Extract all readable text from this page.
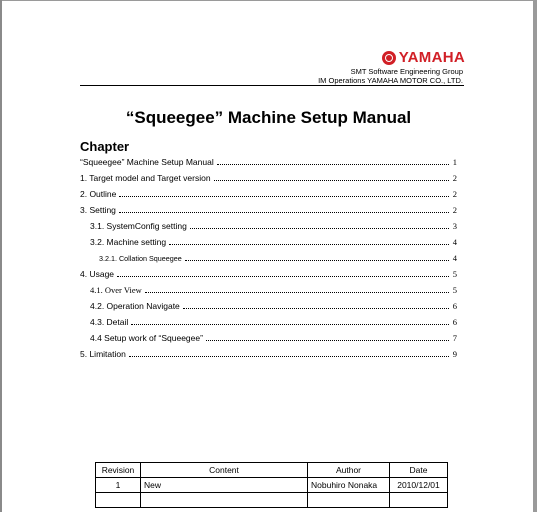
YAMAHA
SMT Software Engineering Group
IM Operations YAMAHA MOTOR CO., LTD.
“Squeegee” Machine Setup Manual
Chapter
“Squeegee” Machine Setup Manual	1
1. Target model and Target version	2
2. Outline	2
3. Setting	2
3.1. SystemConfig setting	3
3.2. Machine setting	4
3.2.1. Collation Squeegee	4
4. Usage	5
4.1. Over View	5
4.2. Operation Navigate	6
4.3. Detail	6
4.4 Setup work of “Squeegee”	7
5. Limitation	9
Revision	Content	Author	Date
1	New	Nobuhiro Nonaka	2010/12/01
